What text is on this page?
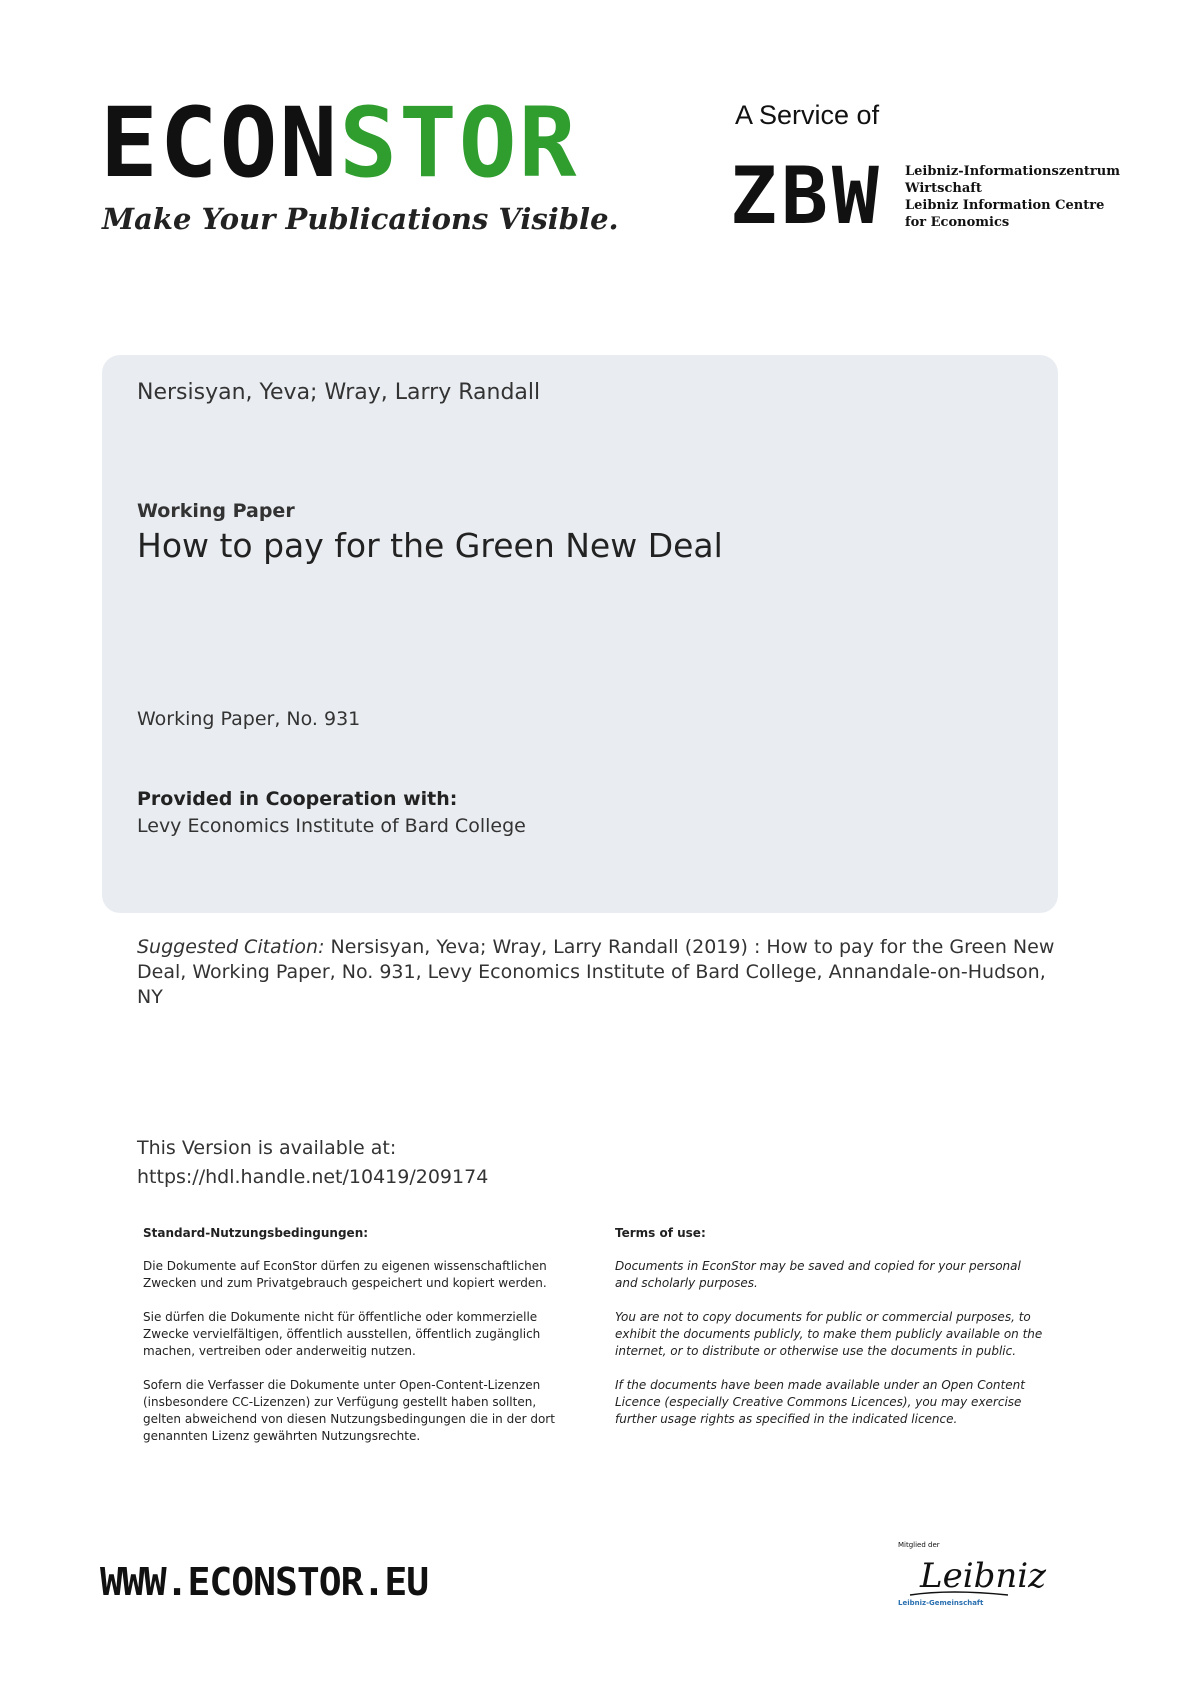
ECONSTOR
Make Your Publications Visible.
A Service of
ZBW Leibniz-Informationszentrum
Wirtschaft
Leibniz Information Centre
for Economics
Nersisyan, Yeva; Wray, Larry Randall
Working Paper
How to pay for the Green New Deal
Working Paper, No. 931
Provided in Cooperation with:
Levy Economics Institute of Bard College
Suggested Citation: Nersisyan, Yeva; Wray, Larry Randall (2019) : How to pay for the Green New Deal, Working Paper, No. 931, Levy Economics Institute of Bard College, Annandale-on-Hudson, NY
This Version is available at:
https://hdl.handle.net/10419/209174
Standard-Nutzungsbedingungen:

Die Dokumente auf EconStor dürfen zu eigenen wissenschaftlichen Zwecken und zum Privatgebrauch gespeichert und kopiert werden.

Sie dürfen die Dokumente nicht für öffentliche oder kommerzielle Zwecke vervielfältigen, öffentlich ausstellen, öffentlich zugänglich machen, vertreiben oder anderweitig nutzen.

Sofern die Verfasser die Dokumente unter Open-Content-Lizenzen (insbesondere CC-Lizenzen) zur Verfügung gestellt haben sollten, gelten abweichend von diesen Nutzungsbedingungen die in der dort genannten Lizenz gewährten Nutzungsrechte.

Terms of use:

Documents in EconStor may be saved and copied for your personal and scholarly purposes.

You are not to copy documents for public or commercial purposes, to exhibit the documents publicly, to make them publicly available on the internet, or to distribute or otherwise use the documents in public.

If the documents have been made available under an Open Content Licence (especially Creative Commons Licences), you may exercise further usage rights as specified in the indicated licence.

WWW.ECONSTOR.EU
Mitglied der
Leibniz
Leibniz-Gemeinschaft
